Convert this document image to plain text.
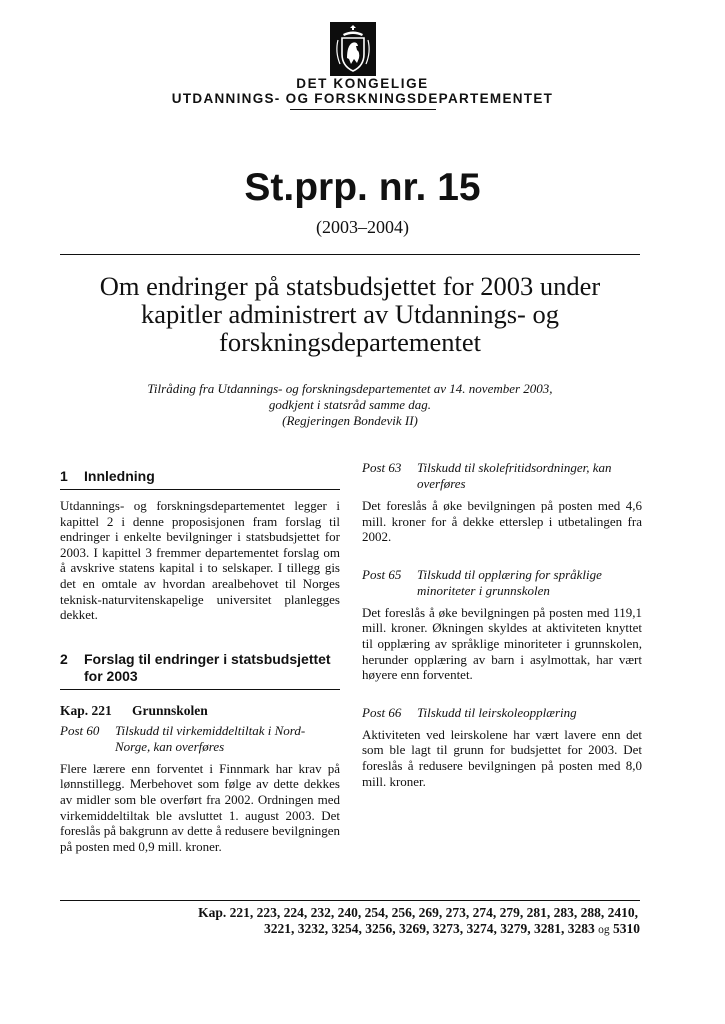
DET KONGELIGE
UTDANNINGS- OG FORSKNINGSDEPARTEMENTET
St.prp. nr. 15
(2003–2004)
Om endringer på statsbudsjettet for 2003 under
kapitler administrert av Utdannings- og
forskningsdepartementet
Tilråding fra Utdannings- og forskningsdepartementet av 14. november 2003,
godkjent i statsråd samme dag.
(Regjeringen Bondevik II)
1	Innledning
Utdannings- og forskningsdepartementet legger i kapittel 2 i denne proposisjonen fram forslag til endringer i enkelte bevilgninger i statsbudsjettet for 2003. I kapittel 3 fremmer departementet forslag om å avskrive statens kapital i to selskaper. I tillegg gis det en omtale av hvordan arealbehovet til Norges teknisk-naturvitenskapelige universitet planlegges dekket.
2	Forslag til endringer i statsbudsjettet for 2003
Kap. 221	Grunnskolen
Post 60	Tilskudd til virkemiddeltiltak i Nord-Norge, kan overføres
Flere lærere enn forventet i Finnmark har krav på lønnstillegg. Merbehovet som følge av dette dekkes av midler som ble overført fra 2002. Ordningen med virkemiddeltiltak ble avsluttet 1. august 2003. Det foreslås på bakgrunn av dette å redusere bevilgningen på posten med 0,9 mill. kroner.
Post 63	Tilskudd til skolefritidsordninger, kan overføres
Det foreslås å øke bevilgningen på posten med 4,6 mill. kroner for å dekke etterslep i utbetalingen fra 2002.
Post 65	Tilskudd til opplæring for språklige minoriteter i grunnskolen
Det foreslås å øke bevilgningen på posten med 119,1 mill. kroner. Økningen skyldes at aktiviteten knyttet til opplæring av språklige minoriteter i grunnskolen, herunder opplæring av barn i asylmottak, har vært høyere enn forventet.
Post 66	Tilskudd til leirskoleopplæring
Aktiviteten ved leirskolene har vært lavere enn det som ble lagt til grunn for budsjettet for 2003. Det foreslås å redusere bevilgningen på posten med 8,0 mill. kroner.
Kap. 221, 223, 224, 232, 240, 254, 256, 269, 273, 274, 279, 281, 283, 288, 2410,
3221, 3232, 3254, 3256, 3269, 3273, 3274, 3279, 3281, 3283 og 5310
